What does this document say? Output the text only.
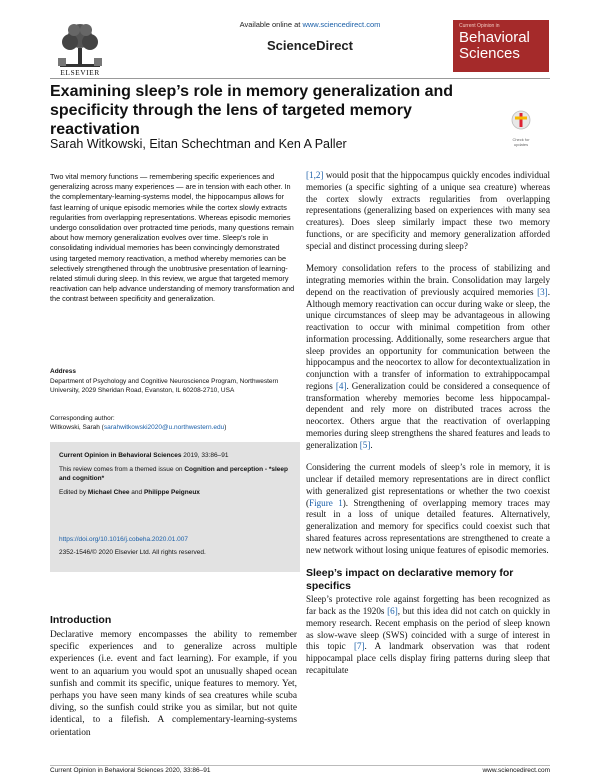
ELSEVIER
Available online at www.sciencedirect.com
ScienceDirect
Current Opinion in
Behavioral
Sciences
Examining sleep’s role in memory generalization and specificity through the lens of targeted memory reactivation
Sarah Witkowski, Eitan Schechtman and Ken A Paller	Check for updates
Two vital memory functions — remembering specific experiences and generalizing across many experiences — are in tension with each other. In the complementary-learning-systems model, the hippocampus allows for fast learning of unique episodic memories while the cortex slowly extracts regularities from overlapping representations. Whereas episodic memories undergo consolidation over protracted time periods, many questions remain about how memory generalization evolves over time. Sleep’s role in consolidating individual memories has been convincingly demonstrated using targeted memory reactivation, a method whereby memories can be selectively strengthened through the unobtrusive presentation of learning-related stimuli during sleep. In this review, we argue that targeted memory reactivation can help advance understanding of memory transformation and the contrast between specificity and generalization.
Address
Department of Psychology and Cognitive Neuroscience Program, Northwestern University, 2029 Sheridan Road, Evanston, IL 60208-2710, USA
Corresponding author:
Witkowski, Sarah (sarahwitkowski2020@u.northwestern.edu)
Current Opinion in Behavioral Sciences 2019, 33:86–91
This review comes from a themed issue on Cognition and perception - *sleep and cognition*
Edited by Michael Chee and Philippe Peigneux
https://doi.org/10.1016/j.cobeha.2020.01.007
2352-1546/© 2020 Elsevier Ltd. All rights reserved.
Introduction
Declarative memory encompasses the ability to remember specific experiences and to generalize across multiple experiences (i.e. event and fact learning). For example, if you went to an aquarium you would spot an unusually shaped ocean sunfish and commit its specific, unique features to memory. Yet, perhaps you have seen many kinds of sea creatures while scuba diving, so the sunfish could strike you as similar, but not quite identical, to a filefish. A complementary-learning-systems orientation

[1,2] would posit that the hippocampus quickly encodes individual memories (a specific sighting of a unique sea creature) whereas the cortex slowly extracts regularities from overlapping representations (generalizing based on experiences with many sea creatures). Does sleep similarly impact these two memory functions, or are specificity and memory generalization afforded special and distinct processing during sleep?

Memory consolidation refers to the process of stabilizing and integrating memories within the brain. Consolidation may largely depend on the reactivation of previously acquired memories [3]. Although memory reactivation can occur during wake or sleep, the unique circumstances of sleep may be advantageous in allowing reactivation to occur with minimal competition from other information processing. Additionally, some researchers argue that sleep provides an opportunity for communication between the hippocampus and the neocortex to allow for decontextualization in conjunction with a transfer of information to extrahippocampal regions [4]. Generalization could be considered a consequence of transformation whereby memories become less hippocampal-dependent and rely more on distributed traces across the neocortex. Others argue that the reactivation of overlapping memories during sleep strengthens the shared features and leads to generalization [5].

Considering the current models of sleep’s role in memory, it is unclear if detailed memory representations are in direct conflict with generalized gist representations or whether the two coexist (Figure 1). Strengthening of overlapping memory traces may result in a loss of unique detailed features. Alternatively, generalization and memory for specifics could coexist such that shared features across representations are strengthened to create a new network without losing unique features of episodic memories.

Sleep’s impact on declarative memory for specifics

Sleep’s protective role against forgetting has been recognized as far back as the 1920s [6], but this idea did not catch on quickly in memory research. Recent emphasis on the period of sleep known as slow-wave sleep (SWS) coincided with a surge of interest in this topic [7]. A landmark observation was that rodent hippocampal place cells display firing patterns during sleep that recapitulate

Current Opinion in Behavioral Sciences 2020, 33:86–91	www.sciencedirect.com
